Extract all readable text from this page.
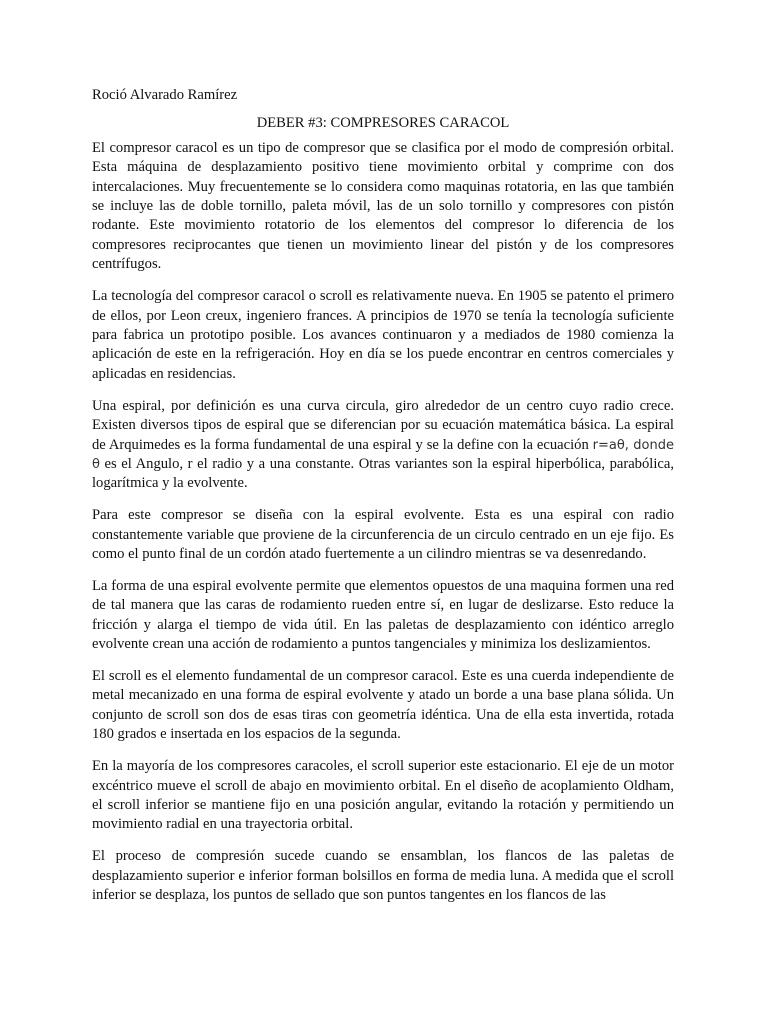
Roció Alvarado Ramírez

DEBER #3: COMPRESORES CARACOL

El compresor caracol es un tipo de compresor que se clasifica por el modo de compresión orbital. Esta máquina de desplazamiento positivo tiene movimiento orbital y comprime con dos intercalaciones. Muy frecuentemente se lo considera como maquinas rotatoria, en las que también se incluye las de doble tornillo, paleta móvil, las de un solo tornillo y compresores con pistón rodante. Este movimiento rotatorio de los elementos del compresor lo diferencia de los compresores reciprocantes que tienen un movimiento linear del pistón y de los compresores centrífugos.

La tecnología del compresor caracol o scroll es relativamente nueva. En 1905 se patento el primero de ellos, por Leon creux, ingeniero frances. A principios de 1970 se tenía la tecnología suficiente para fabrica un prototipo posible. Los avances continuaron y a mediados de 1980 comienza la aplicación de este en la refrigeración. Hoy en día se los puede encontrar en centros comerciales y aplicadas en residencias.

Una espiral, por definición es una curva circula, giro alrededor de un centro cuyo radio crece. Existen diversos tipos de espiral que se diferencian por su ecuación matemática básica. La espiral de Arquimedes es la forma fundamental de una espiral y se la define con la ecuación r=aθ, donde θ es el Angulo, r el radio y a una constante. Otras variantes son la espiral hiperbólica, parabólica, logarítmica y la evolvente.

Para este compresor se diseña con la espiral evolvente. Esta es una espiral con radio constantemente variable que proviene de la circunferencia de un circulo centrado en un eje fijo. Es como el punto final de un cordón atado fuertemente a un cilindro mientras se va desenredando.

La forma de una espiral evolvente permite que elementos opuestos de una maquina formen una red de tal manera que las caras de rodamiento rueden entre sí, en lugar de deslizarse. Esto reduce la fricción y alarga el tiempo de vida útil. En las paletas de desplazamiento con idéntico arreglo evolvente crean una acción de rodamiento a puntos tangenciales y minimiza los deslizamientos.

El scroll es el elemento fundamental de un compresor caracol. Este es una cuerda independiente de metal mecanizado en una forma de espiral evolvente y atado un borde a una base plana sólida. Un conjunto de scroll son dos de esas tiras con geometría idéntica. Una de ella esta invertida, rotada 180 grados e insertada en los espacios de la segunda.

En la mayoría de los compresores caracoles, el scroll superior este estacionario. El eje de un motor excéntrico mueve el scroll de abajo en movimiento orbital. En el diseño de acoplamiento Oldham, el scroll inferior se mantiene fijo en una posición angular, evitando la rotación y permitiendo un movimiento radial en una trayectoria orbital.

El proceso de compresión sucede cuando se ensamblan, los flancos de las paletas de desplazamiento superior e inferior forman bolsillos en forma de media luna. A medida que el scroll inferior se desplaza, los puntos de sellado que son puntos tangentes en los flancos de las
